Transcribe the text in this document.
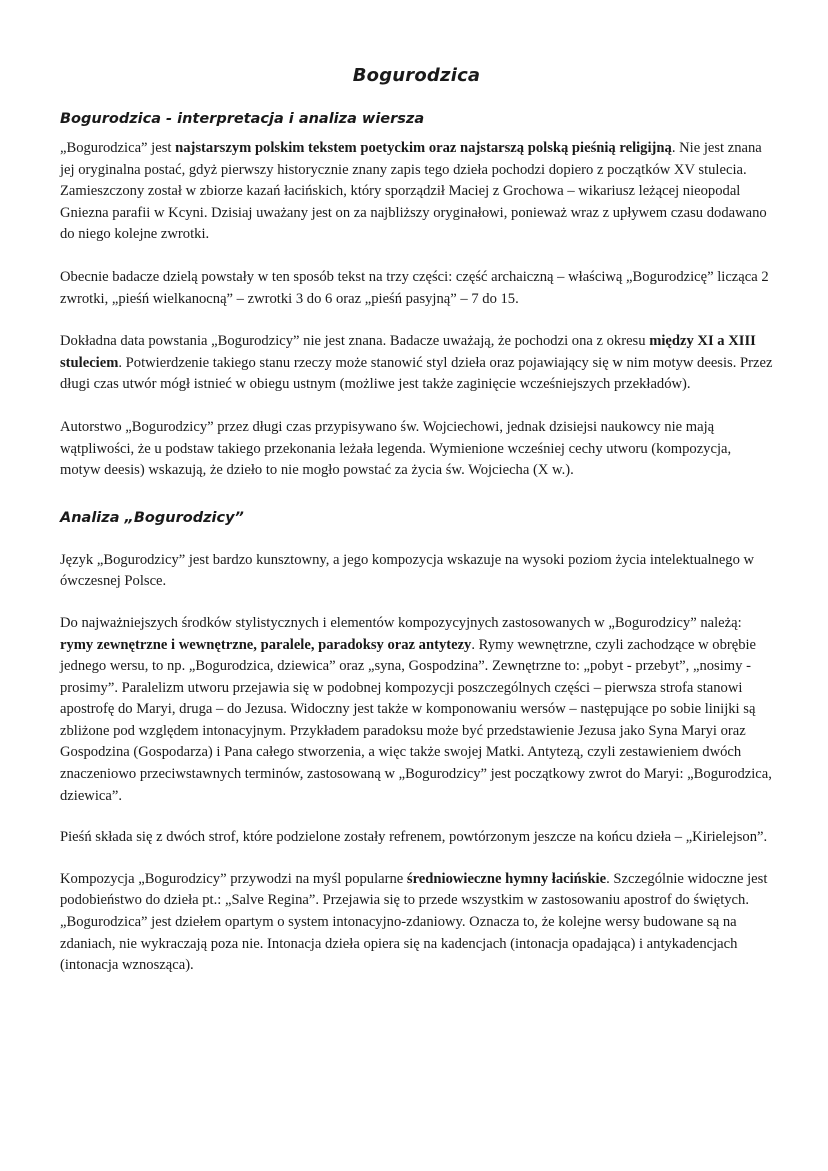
Bogurodzica
Bogurodzica - interpretacja i analiza wiersza

„Bogurodzica” jest najstarszym polskim tekstem poetyckim oraz najstarszą polską pieśnią religijną. Nie jest znana jej oryginalna postać, gdyż pierwszy historycznie znany zapis tego dzieła pochodzi dopiero z początków XV stulecia. Zamieszczony został w zbiorze kazań łacińskich, który sporządził Maciej z Grochowa – wikariusz leżącej nieopodal Gniezna parafii w Kcyni. Dzisiaj uważany jest on za najbliższy oryginałowi, ponieważ wraz z upływem czasu dodawano do niego kolejne zwrotki.

Obecnie badacze dzielą powstały w ten sposób tekst na trzy części: część archaiczną – właściwą „Bogurodzicę” licząca 2 zwrotki, „pieśń wielkanocną” – zwrotki 3 do 6 oraz „pieśń pasyjną” – 7 do 15.

Dokładna data powstania „Bogurodzicy” nie jest znana. Badacze uważają, że pochodzi ona z okresu między XI a XIII stuleciem. Potwierdzenie takiego stanu rzeczy może stanowić styl dzieła oraz pojawiający się w nim motyw deesis. Przez długi czas utwór mógł istnieć w obiegu ustnym (możliwe jest także zaginięcie wcześniejszych przekładów).

Autorstwo „Bogurodzicy” przez długi czas przypisywano św. Wojciechowi, jednak dzisiejsi naukowcy nie mają wątpliwości, że u podstaw takiego przekonania leżała legenda. Wymienione wcześniej cechy utworu (kompozycja, motyw deesis) wskazują, że dzieło to nie mogło powstać za życia św. Wojciecha (X w.).

Analiza „Bogurodzicy”

Język „Bogurodzicy” jest bardzo kunsztowny, a jego kompozycja wskazuje na wysoki poziom życia intelektualnego w ówczesnej Polsce.

Do najważniejszych środków stylistycznych i elementów kompozycyjnych zastosowanych w „Bogurodzicy” należą: rymy zewnętrzne i wewnętrzne, paralele, paradoksy oraz antytezy. Rymy wewnętrzne, czyli zachodzące w obrębie jednego wersu, to np. „Bogurodzica, dziewica” oraz „syna, Gospodzina”. Zewnętrzne to: „pobyt - przebyt”, „nosimy - prosimy”. Paralelizm utworu przejawia się w podobnej kompozycji poszczególnych części – pierwsza strofa stanowi apostrofę do Maryi, druga – do Jezusa. Widoczny jest także w komponowaniu wersów – następujące po sobie linijki są zbliżone pod względem intonacyjnym. Przykładem paradoksu może być przedstawienie Jezusa jako Syna Maryi oraz Gospodzina (Gospodarza) i Pana całego stworzenia, a więc także swojej Matki. Antytezą, czyli zestawieniem dwóch znaczeniowo przeciwstawnych terminów, zastosowaną w „Bogurodzicy” jest początkowy zwrot do Maryi: „Bogurodzica, dziewica”.

Pieśń składa się z dwóch strof, które podzielone zostały refrenem, powtórzonym jeszcze na końcu dzieła – „Kirielejson”.

Kompozycja „Bogurodzicy” przywodzi na myśl popularne średniowieczne hymny łacińskie. Szczególnie widoczne jest podobieństwo do dzieła pt.: „Salve Regina”. Przejawia się to przede wszystkim w zastosowaniu apostrof do świętych. „Bogurodzica” jest dziełem opartym o system intonacyjno-zdaniowy. Oznacza to, że kolejne wersy budowane są na zdaniach, nie wykraczają poza nie. Intonacja dzieła opiera się na kadencjach (intonacja opadająca) i antykadencjach (intonacja wznosząca).
